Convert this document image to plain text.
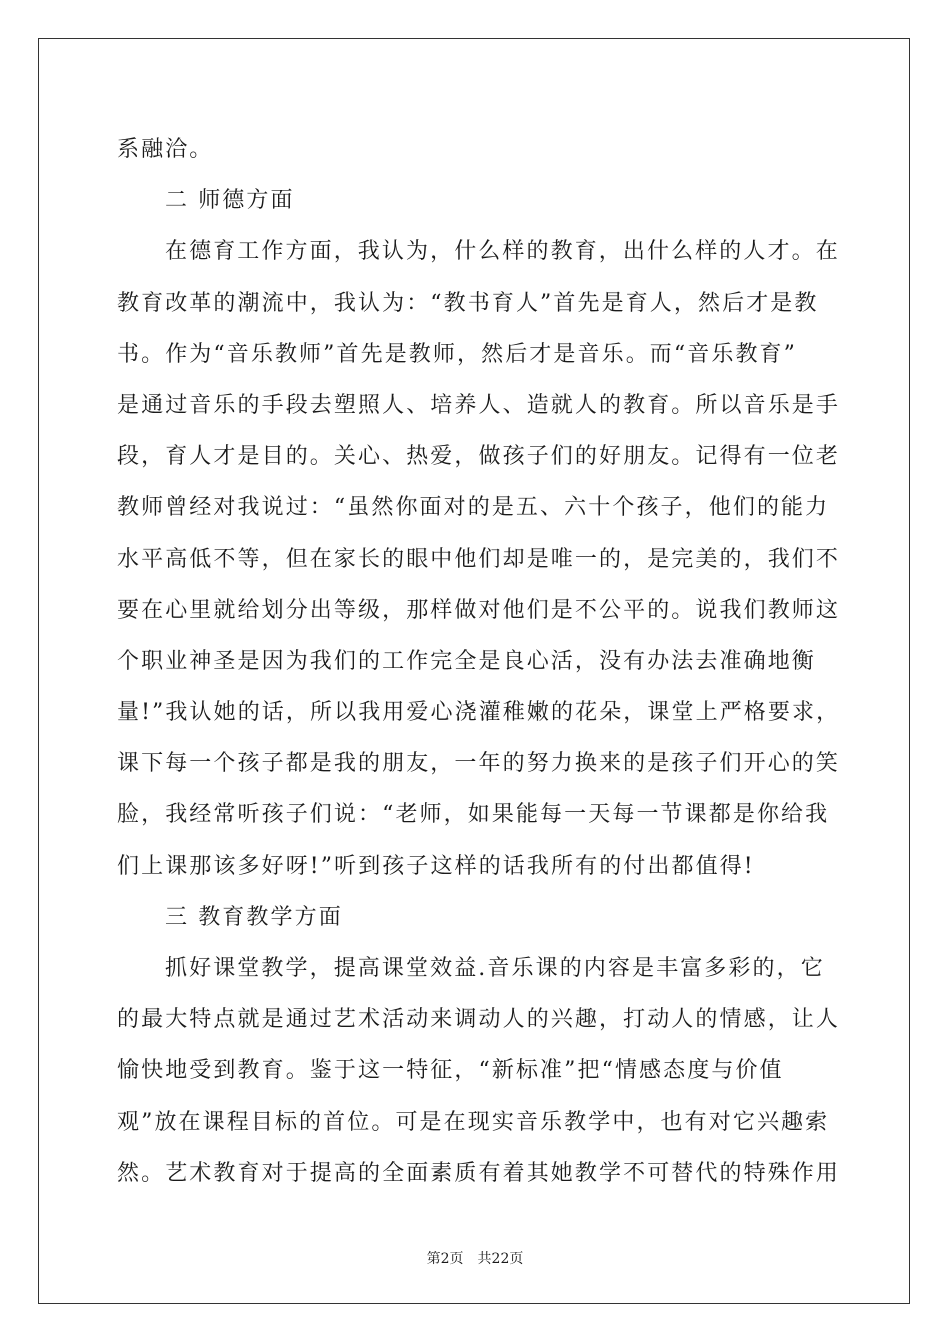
系融洽。
二 师德方面
在德育工作方面，我认为，什么样的教育，出什么样的人才。在
教育改革的潮流中，我认为：“教书育人”首先是育人，然后才是教
书。作为“音乐教师”首先是教师，然后才是音乐。而“音乐教育”
是通过音乐的手段去塑照人、培养人、造就人的教育。所以音乐是手
段，育人才是目的。关心、热爱，做孩子们的好朋友。记得有一位老
教师曾经对我说过：“虽然你面对的是五、六十个孩子，他们的能力
水平高低不等，但在家长的眼中他们却是唯一的，是完美的，我们不
要在心里就给划分出等级，那样做对他们是不公平的。说我们教师这
个职业神圣是因为我们的工作完全是良心活，没有办法去准确地衡
量!”我认她的话，所以我用爱心浇灌稚嫩的花朵，课堂上严格要求，
课下每一个孩子都是我的朋友，一年的努力换来的是孩子们开心的笑
脸，我经常听孩子们说：“老师，如果能每一天每一节课都是你给我
们上课那该多好呀!”听到孩子这样的话我所有的付出都值得!
三 教育教学方面
抓好课堂教学，提高课堂效益.音乐课的内容是丰富多彩的，它
的最大特点就是通过艺术活动来调动人的兴趣，打动人的情感，让人
愉快地受到教育。鉴于这一特征，“新标准”把“情感态度与价值
观”放在课程目标的首位。可是在现实音乐教学中，也有对它兴趣索
然。艺术教育对于提高的全面素质有着其她教学不可替代的特殊作用
第2页 共22页
